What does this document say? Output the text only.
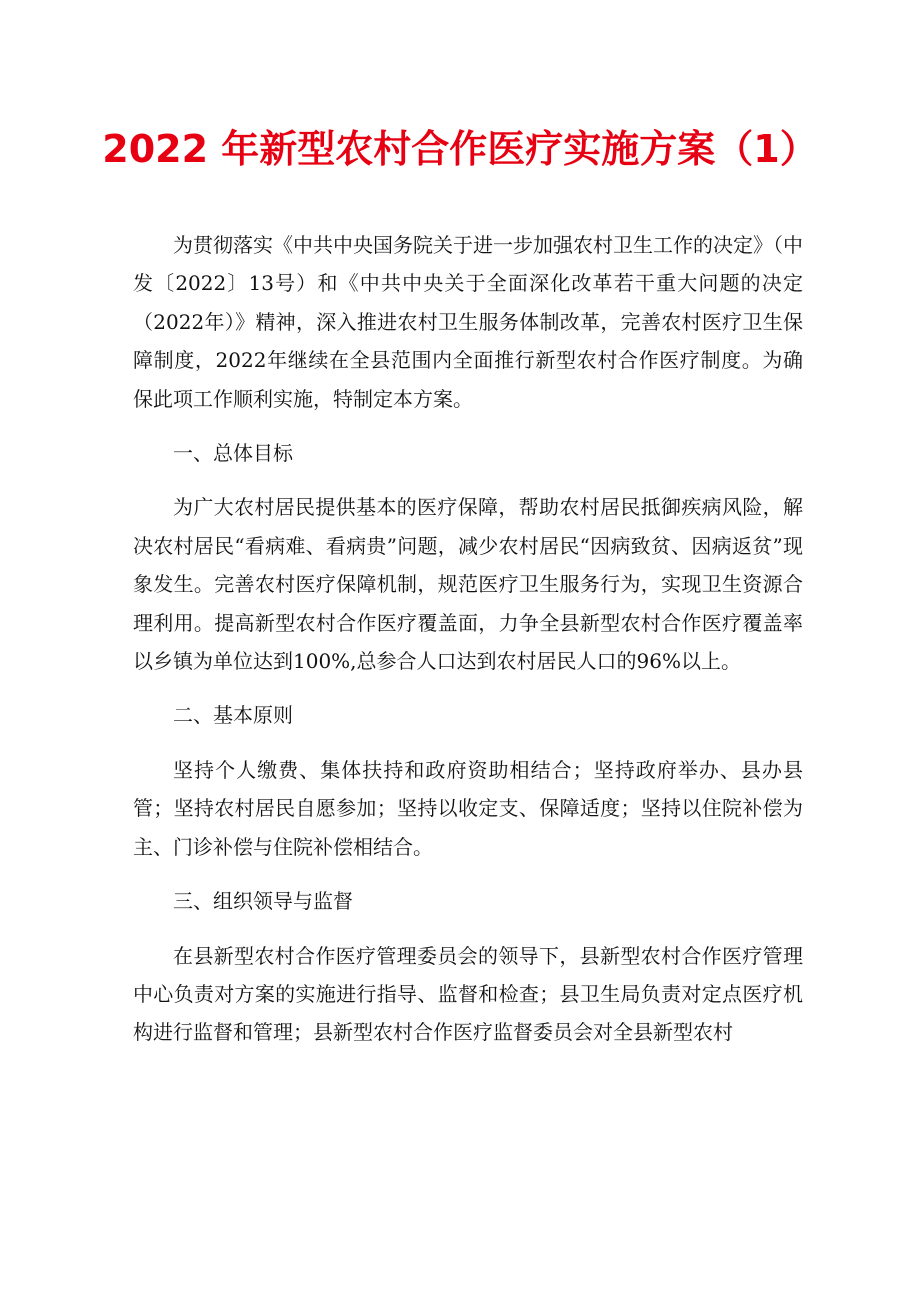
2022 年新型农村合作医疗实施方案（1）

为贯彻落实《中共中央国务院关于进一步加强农村卫生工作的决定》（中发〔2022〕13号）和《中共中央关于全面深化改革若干重大问题的决定（2022年）》精神，深入推进农村卫生服务体制改革，完善农村医疗卫生保障制度，2022年继续在全县范围内全面推行新型农村合作医疗制度。为确保此项工作顺利实施，特制定本方案。

一、总体目标

为广大农村居民提供基本的医疗保障，帮助农村居民抵御疾病风险，解决农村居民“看病难、看病贵”问题，减少农村居民“因病致贫、因病返贫”现象发生。完善农村医疗保障机制，规范医疗卫生服务行为，实现卫生资源合理利用。提高新型农村合作医疗覆盖面，力争全县新型农村合作医疗覆盖率以乡镇为单位达到100%,总参合人口达到农村居民人口的96%以上。

二、基本原则

坚持个人缴费、集体扶持和政府资助相结合；坚持政府举办、县办县管；坚持农村居民自愿参加；坚持以收定支、保障适度；坚持以住院补偿为主、门诊补偿与住院补偿相结合。

三、组织领导与监督

在县新型农村合作医疗管理委员会的领导下，县新型农村合作医疗管理中心负责对方案的实施进行指导、监督和检查；县卫生局负责对定点医疗机构进行监督和管理；县新型农村合作医疗监督委员会对全县新型农村
